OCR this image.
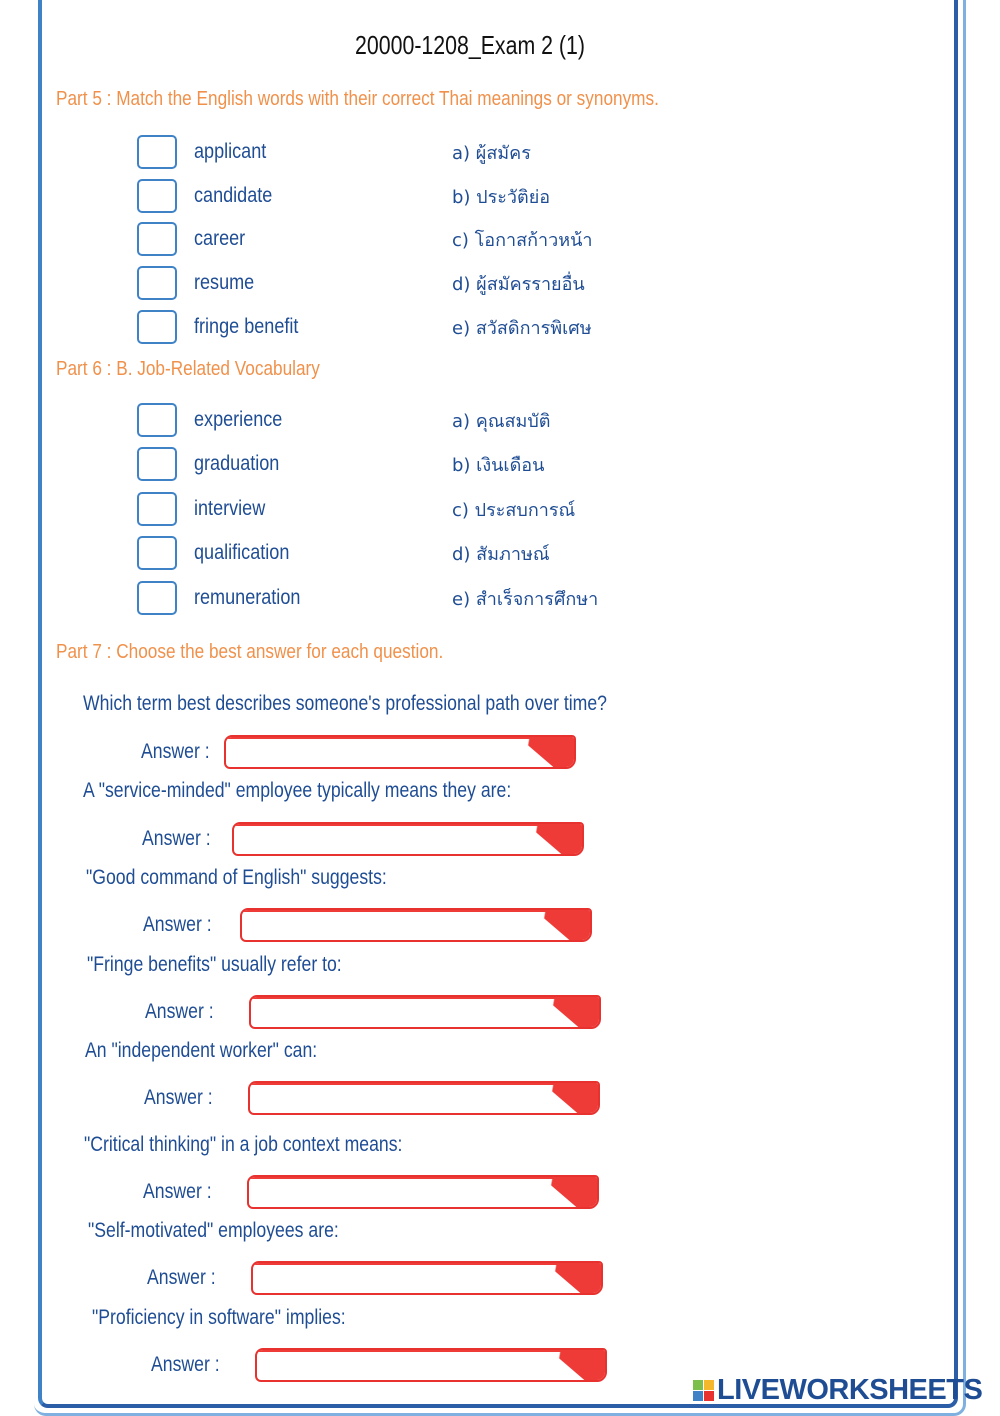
20000-1208_Exam 2 (1)
Part 5 : Match the English words with their correct Thai meanings or synonyms.
applicant	a) ผู้สมัคร
candidate	b) ประวัติย่อ
career	c) โอกาสก้าวหน้า
resume	d) ผู้สมัครรายอื่น
fringe benefit	e) สวัสดิการพิเศษ
Part 6 : B. Job-Related Vocabulary
experience	a) คุณสมบัติ
graduation	b) เงินเดือน
interview	c) ประสบการณ์
qualification	d) สัมภาษณ์
remuneration	e) สำเร็จการศึกษา
Part 7 : Choose the best answer for each question.
Which term best describes someone's professional path over time?
Answer :
A "service-minded" employee typically means they are:
Answer :
"Good command of English" suggests:
Answer :
"Fringe benefits" usually refer to:
Answer :
An "independent worker" can:
Answer :
"Critical thinking" in a job context means:
Answer :
"Self-motivated" employees are:
Answer :
"Proficiency in software" implies:
Answer :
LIVEWORKSHEETS
